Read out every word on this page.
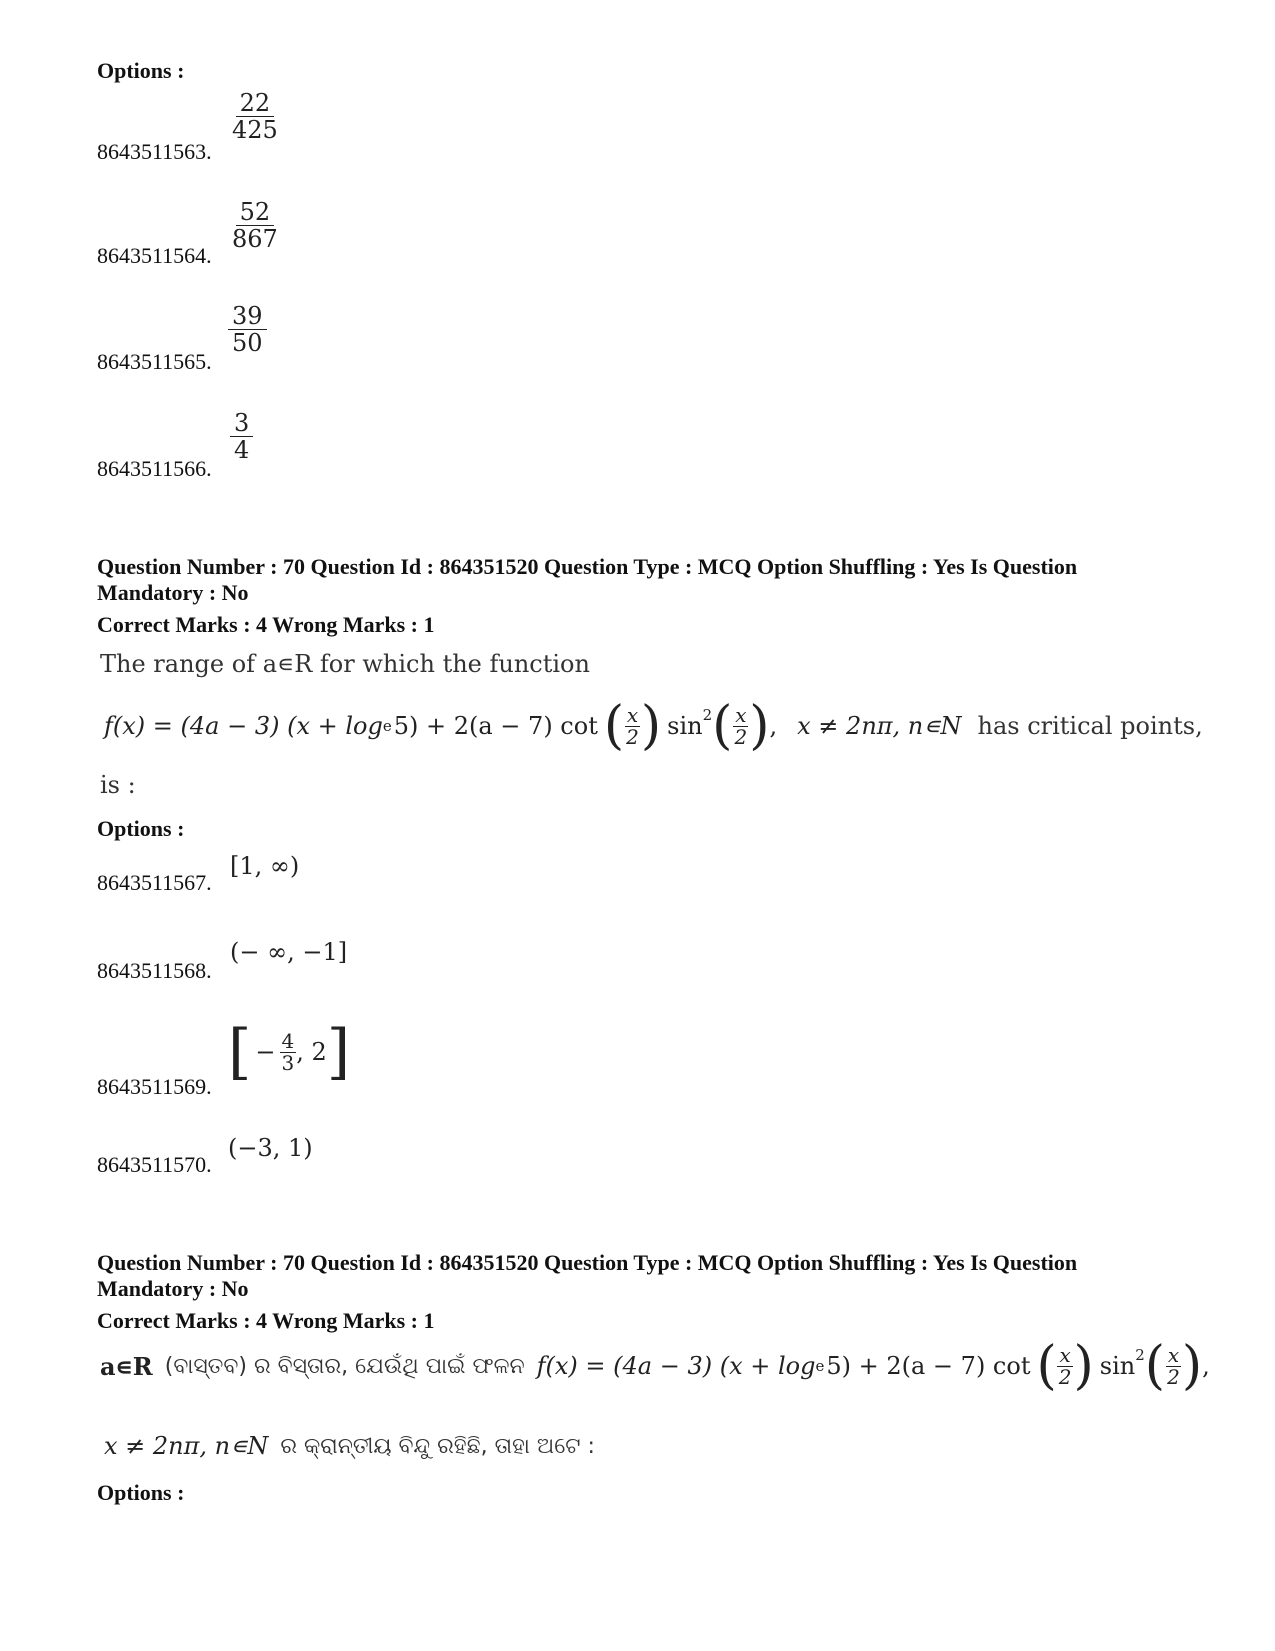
Options :
8643511563.
$\frac{22}{425}$
8643511564.
$\frac{52}{867}$
8643511565.
$\frac{39}{50}$
8643511566.
$\frac{3}{4}$
Question Number : 70 Question Id : 864351520 Question Type : MCQ Option Shuffling : Yes Is Question
Mandatory : No
Correct Marks : 4 Wrong Marks : 1
The range of a∊R for which the function
f(x) = (4a − 3) (x + log e 5) + 2(a − 7) cot ( $\frac{x}{2}$ ) $\sin^2$ ( $\frac{x}{2}$ ) , x ≠ 2nπ, n∊N has critical points,
is :
Options :
8643511567.
[1, ∞)
8643511568.
(− ∞, −1]
8643511569. [ − $\frac{4}{3}$ , 2 ]
8643511570.
(−3, 1)
Question Number : 70 Question Id : 864351520 Question Type : MCQ Option Shuffling : Yes Is Question
Mandatory : No
Correct Marks : 4 Wrong Marks : 1
a∊R (ବାସ୍ତବ) ର ବିସ୍ତାର, ଯେଉଁଥି ପାଇଁ ଫଳନ f(x) = (4a − 3) (x + log e 5) + 2(a − 7) cot ( $\frac{x}{2}$ ) $\sin^2$ ( $\frac{x}{2}$ ) ,
x ≠ 2nπ, n∊N ର କ୍ରାନ୍ତୀୟ ବିନ୍ଦୁ ରହିଛି, ତାହା ଅଟେ :
Options :
